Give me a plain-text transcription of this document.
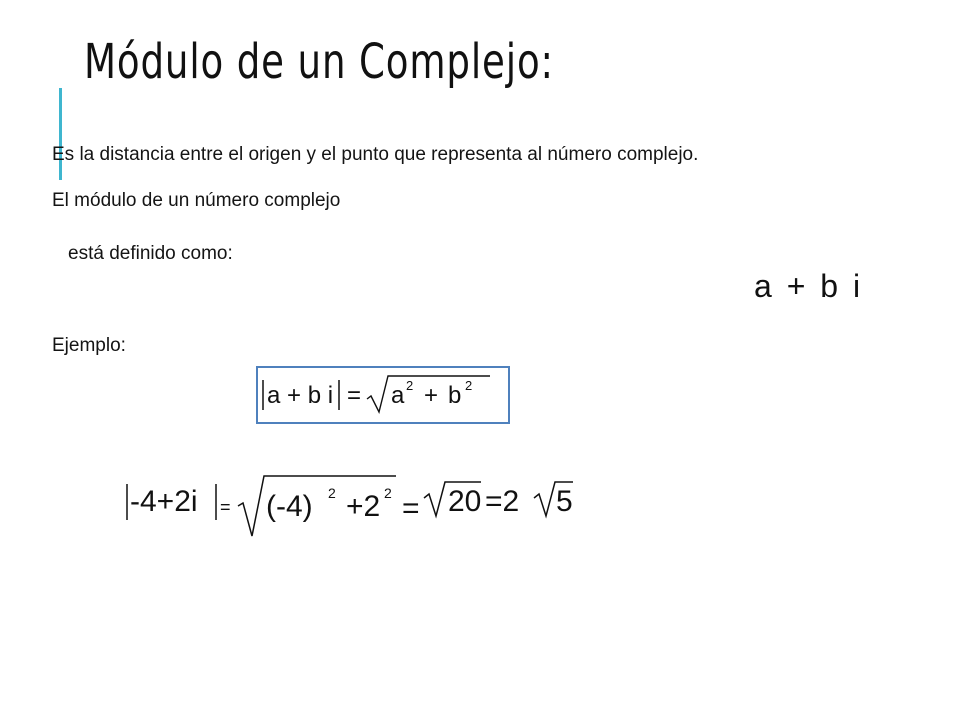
Módulo de un Complejo:
Es la distancia entre el origen y el punto que representa al número complejo.
El módulo de un número complejo
está definido como:
Ejemplo:
a + b i
a + b i = a 2 + b 2
-4+2i = (-4) 2 +2 2 = 20 =2 5
